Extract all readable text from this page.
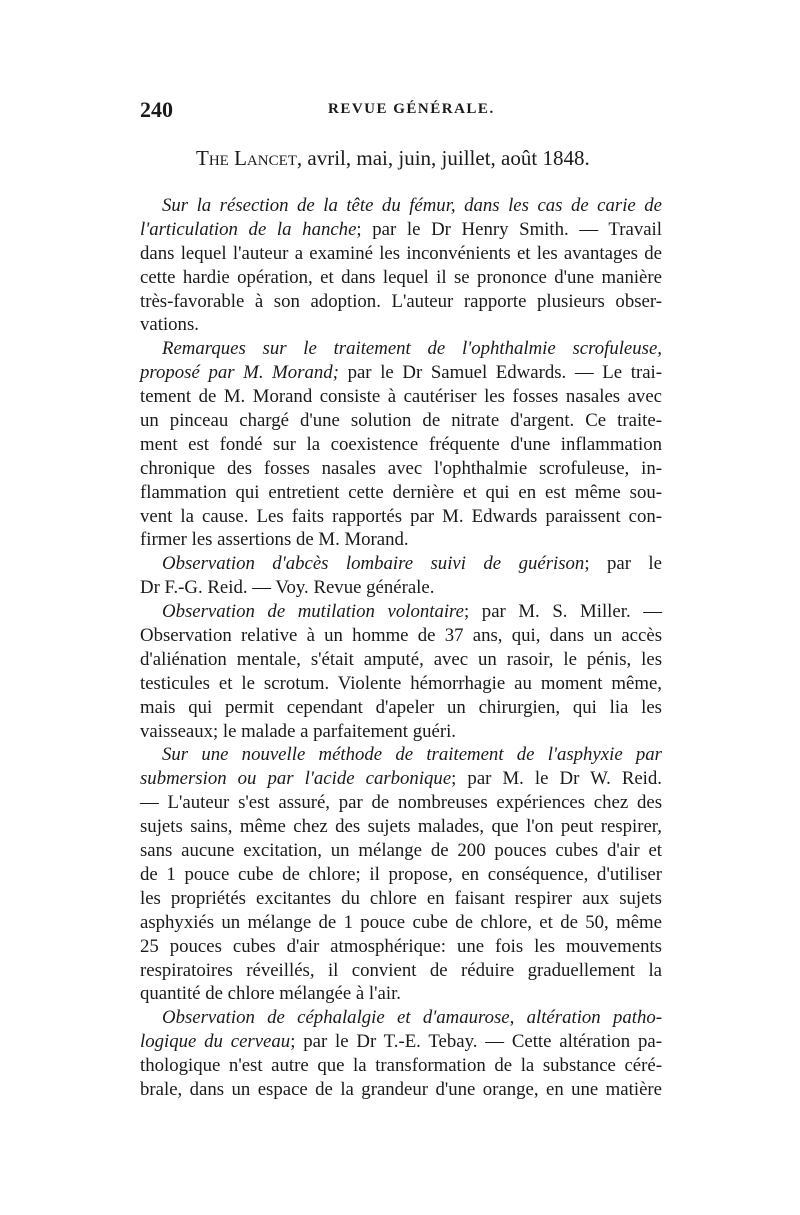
240	REVUE GÉNÉRALE.
The Lancet, avril, mai, juin, juillet, août 1848.
Sur la résection de la tête du fémur, dans les cas de carie de
l'articulation de la hanche; par le Dr Henry Smith. — Travail
dans lequel l'auteur a examiné les inconvénients et les avantages de
cette hardie opération, et dans lequel il se prononce d'une manière
très-favorable à son adoption. L'auteur rapporte plusieurs obser-
vations.
Remarques sur le traitement de l'ophthalmie scrofuleuse,
proposé par M. Morand; par le Dr Samuel Edwards. — Le trai-
tement de M. Morand consiste à cautériser les fosses nasales avec
un pinceau chargé d'une solution de nitrate d'argent. Ce traite-
ment est fondé sur la coexistence fréquente d'une inflammation
chronique des fosses nasales avec l'ophthalmie scrofuleuse, in-
flammation qui entretient cette dernière et qui en est même sou-
vent la cause. Les faits rapportés par M. Edwards paraissent con-
firmer les assertions de M. Morand.
Observation d'abcès lombaire suivi de guérison; par le
Dr F.-G. Reid. — Voy. Revue générale.
Observation de mutilation volontaire; par M. S. Miller. —
Observation relative à un homme de 37 ans, qui, dans un accès
d'aliénation mentale, s'était amputé, avec un rasoir, le pénis, les
testicules et le scrotum. Violente hémorrhagie au moment même,
mais qui permit cependant d'apeler un chirurgien, qui lia les
vaisseaux; le malade a parfaitement guéri.
Sur une nouvelle méthode de traitement de l'asphyxie par
submersion ou par l'acide carbonique; par M. le Dr W. Reid.
— L'auteur s'est assuré, par de nombreuses expériences chez des
sujets sains, même chez des sujets malades, que l'on peut respirer,
sans aucune excitation, un mélange de 200 pouces cubes d'air et
de 1 pouce cube de chlore; il propose, en conséquence, d'utiliser
les propriétés excitantes du chlore en faisant respirer aux sujets
asphyxiés un mélange de 1 pouce cube de chlore, et de 50, même
25 pouces cubes d'air atmosphérique: une fois les mouvements
respiratoires réveillés, il convient de réduire graduellement la
quantité de chlore mélangée à l'air.
Observation de céphalalgie et d'amaurose, altération patho-
logique du cerveau; par le Dr T.-E. Tebay. — Cette altération pa-
thologique n'est autre que la transformation de la substance céré-
brale, dans un espace de la grandeur d'une orange, en une matière
